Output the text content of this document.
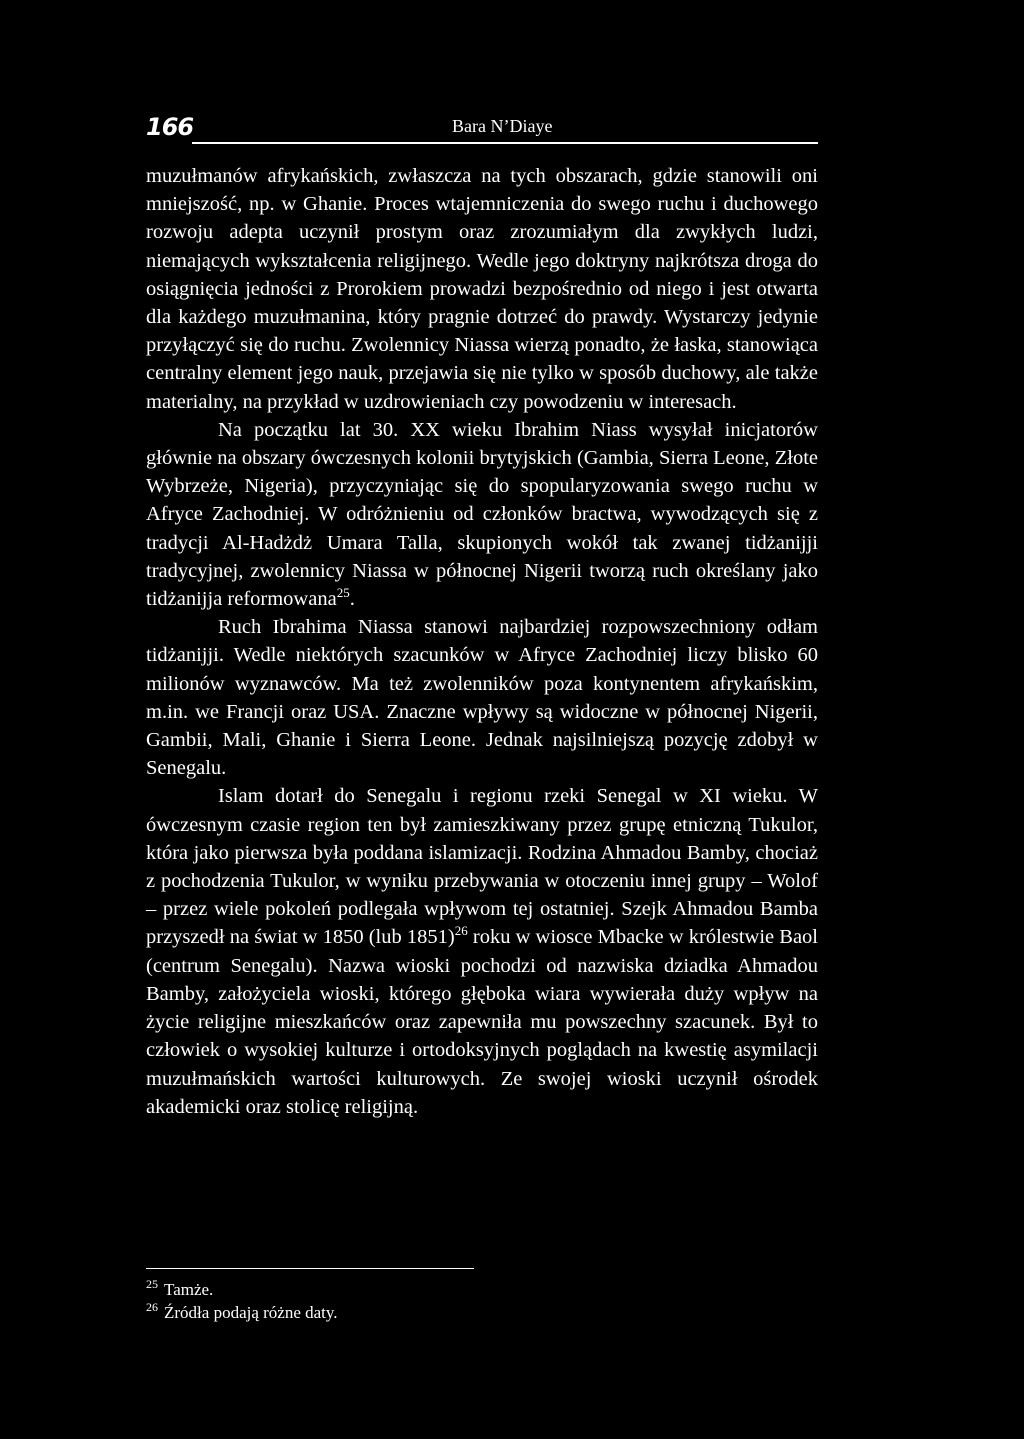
166	Bara N’Diaye

muzułmanów afrykańskich, zwłaszcza na tych obszarach, gdzie stanowili oni mniejszość, np. w Ghanie. Proces wtajemniczenia do swego ruchu i duchowego rozwoju adepta uczynił prostym oraz zrozumiałym dla zwykłych ludzi, niemających wykształcenia religijnego. Wedle jego doktryny najkrótsza droga do osiągnięcia jedności z Prorokiem prowadzi bezpośrednio od niego i jest otwarta dla każdego muzułmanina, który pragnie dotrzeć do prawdy. Wystarczy jedynie przyłączyć się do ruchu. Zwolennicy Niassa wierzą ponadto, że łaska, stanowiąca centralny element jego nauk, przejawia się nie tylko w sposób duchowy, ale także materialny, na przykład w uzdrowieniach czy powodzeniu w interesach.

Na początku lat 30. XX wieku Ibrahim Niass wysyłał inicjatorów głównie na obszary ówczesnych kolonii brytyjskich (Gambia, Sierra Leone, Złote Wybrzeże, Nigeria), przyczyniając się do spopularyzowania swego ruchu w Afryce Zachodniej. W odróżnieniu od członków bractwa, wywodzących się z tradycji Al-Hadżdż Umara Talla, skupionych wokół tak zwanej tidżanijji tradycyjnej, zwolennicy Niassa w północnej Nigerii tworzą ruch określany jako tidżanijja reformowana$^{25}$.

Ruch Ibrahima Niassa stanowi najbardziej rozpowszechniony odłam tidżanijji. Wedle niektórych szacunków w Afryce Zachodniej liczy blisko 60 milionów wyznawców. Ma też zwolenników poza kontynentem afrykańskim, m.in. we Francji oraz USA. Znaczne wpływy są widoczne w północnej Nigerii, Gambii, Mali, Ghanie i Sierra Leone. Jednak najsilniejszą pozycję zdobył w Senegalu.

Islam dotarł do Senegalu i regionu rzeki Senegal w XI wieku. W ówczesnym czasie region ten był zamieszkiwany przez grupę etniczną Tukulor, która jako pierwsza była poddana islamizacji. Rodzina Ahmadou Bamby, chociaż z pochodzenia Tukulor, w wyniku przebywania w otoczeniu innej grupy – Wolof – przez wiele pokoleń podlegała wpływom tej ostatniej. Szejk Ahmadou Bamba przyszedł na świat w 1850 (lub 1851)$^{26}$ roku w wiosce Mbacke w królestwie Baol (centrum Senegalu). Nazwa wioski pochodzi od nazwiska dziadka Ahmadou Bamby, założyciela wioski, którego głęboka wiara wywierała duży wpływ na życie religijne mieszkańców oraz zapewniła mu powszechny szacunek. Był to człowiek o wysokiej kulturze i ortodoksyjnych poglądach na kwestię asymilacji muzułmańskich wartości kulturowych. Ze swojej wioski uczynił ośrodek akademicki oraz stolicę religijną.

$^{25}$ Tamże.
$^{26}$ Źródła podają różne daty.
